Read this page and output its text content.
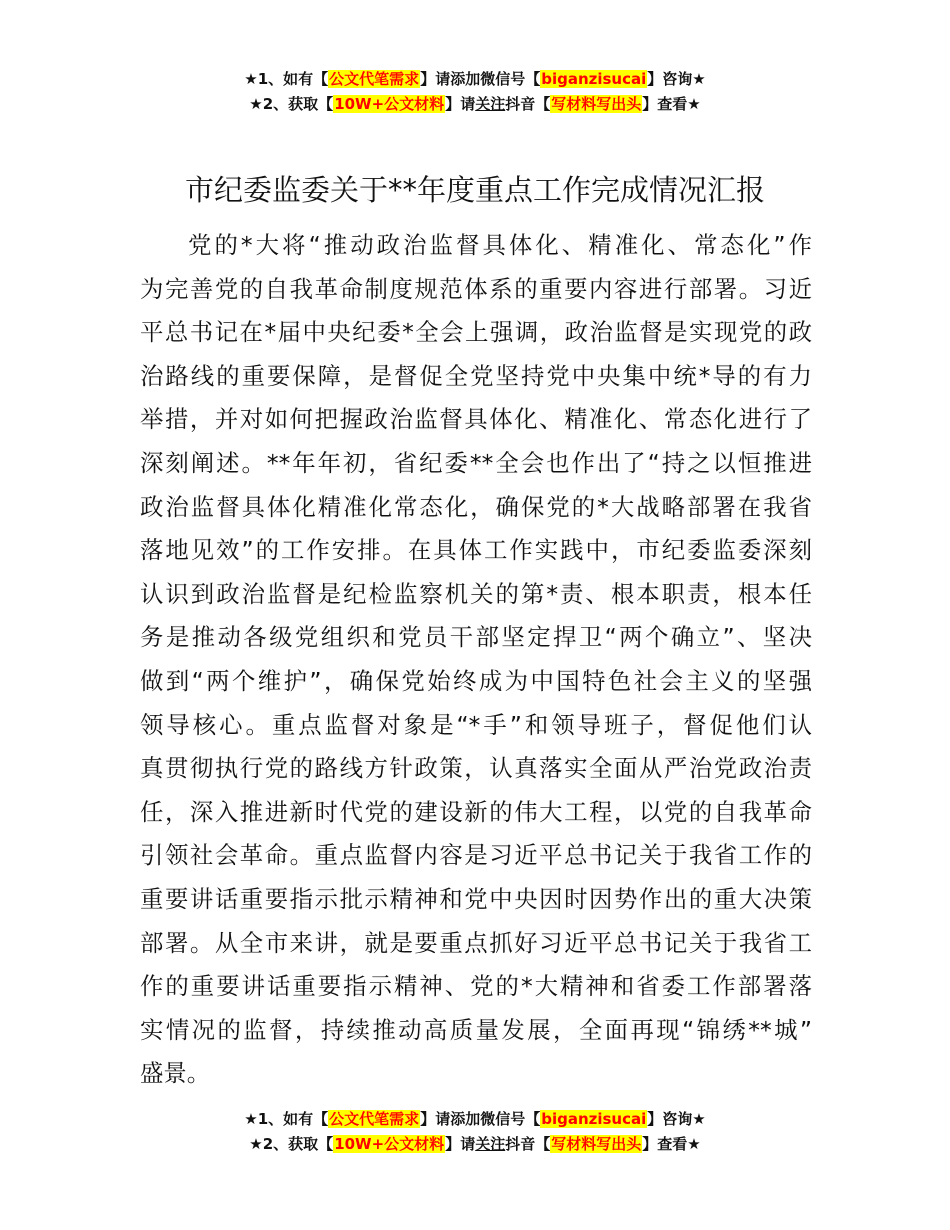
★1、如有【公文代笔需求】请添加微信号【biganzisucai】咨询★
★2、获取【10W+公文材料】请关注抖音【写材料写出头】查看★
市纪委监委关于**年度重点工作完成情况汇报
党的*大将“推动政治监督具体化、精准化、常态化”作
为完善党的自我革命制度规范体系的重要内容进行部署。习近
平总书记在*届中央纪委*全会上强调，政治监督是实现党的政
治路线的重要保障，是督促全党坚持党中央集中统*导的有力
举措，并对如何把握政治监督具体化、精准化、常态化进行了
深刻阐述。**年年初，省纪委**全会也作出了“持之以恒推进
政治监督具体化精准化常态化，确保党的*大战略部署在我省
落地见效”的工作安排。在具体工作实践中，市纪委监委深刻
认识到政治监督是纪检监察机关的第*责、根本职责，根本任
务是推动各级党组织和党员干部坚定捍卫“两个确立”、坚决
做到“两个维护”，确保党始终成为中国特色社会主义的坚强
领导核心。重点监督对象是“*手”和领导班子，督促他们认
真贯彻执行党的路线方针政策，认真落实全面从严治党政治责
任，深入推进新时代党的建设新的伟大工程，以党的自我革命
引领社会革命。重点监督内容是习近平总书记关于我省工作的
重要讲话重要指示批示精神和党中央因时因势作出的重大决策
部署。从全市来讲，就是要重点抓好习近平总书记关于我省工
作的重要讲话重要指示精神、党的*大精神和省委工作部署落
实情况的监督，持续推动高质量发展，全面再现“锦绣**城”
盛景。
★1、如有【公文代笔需求】请添加微信号【biganzisucai】咨询★
★2、获取【10W+公文材料】请关注抖音【写材料写出头】查看★
